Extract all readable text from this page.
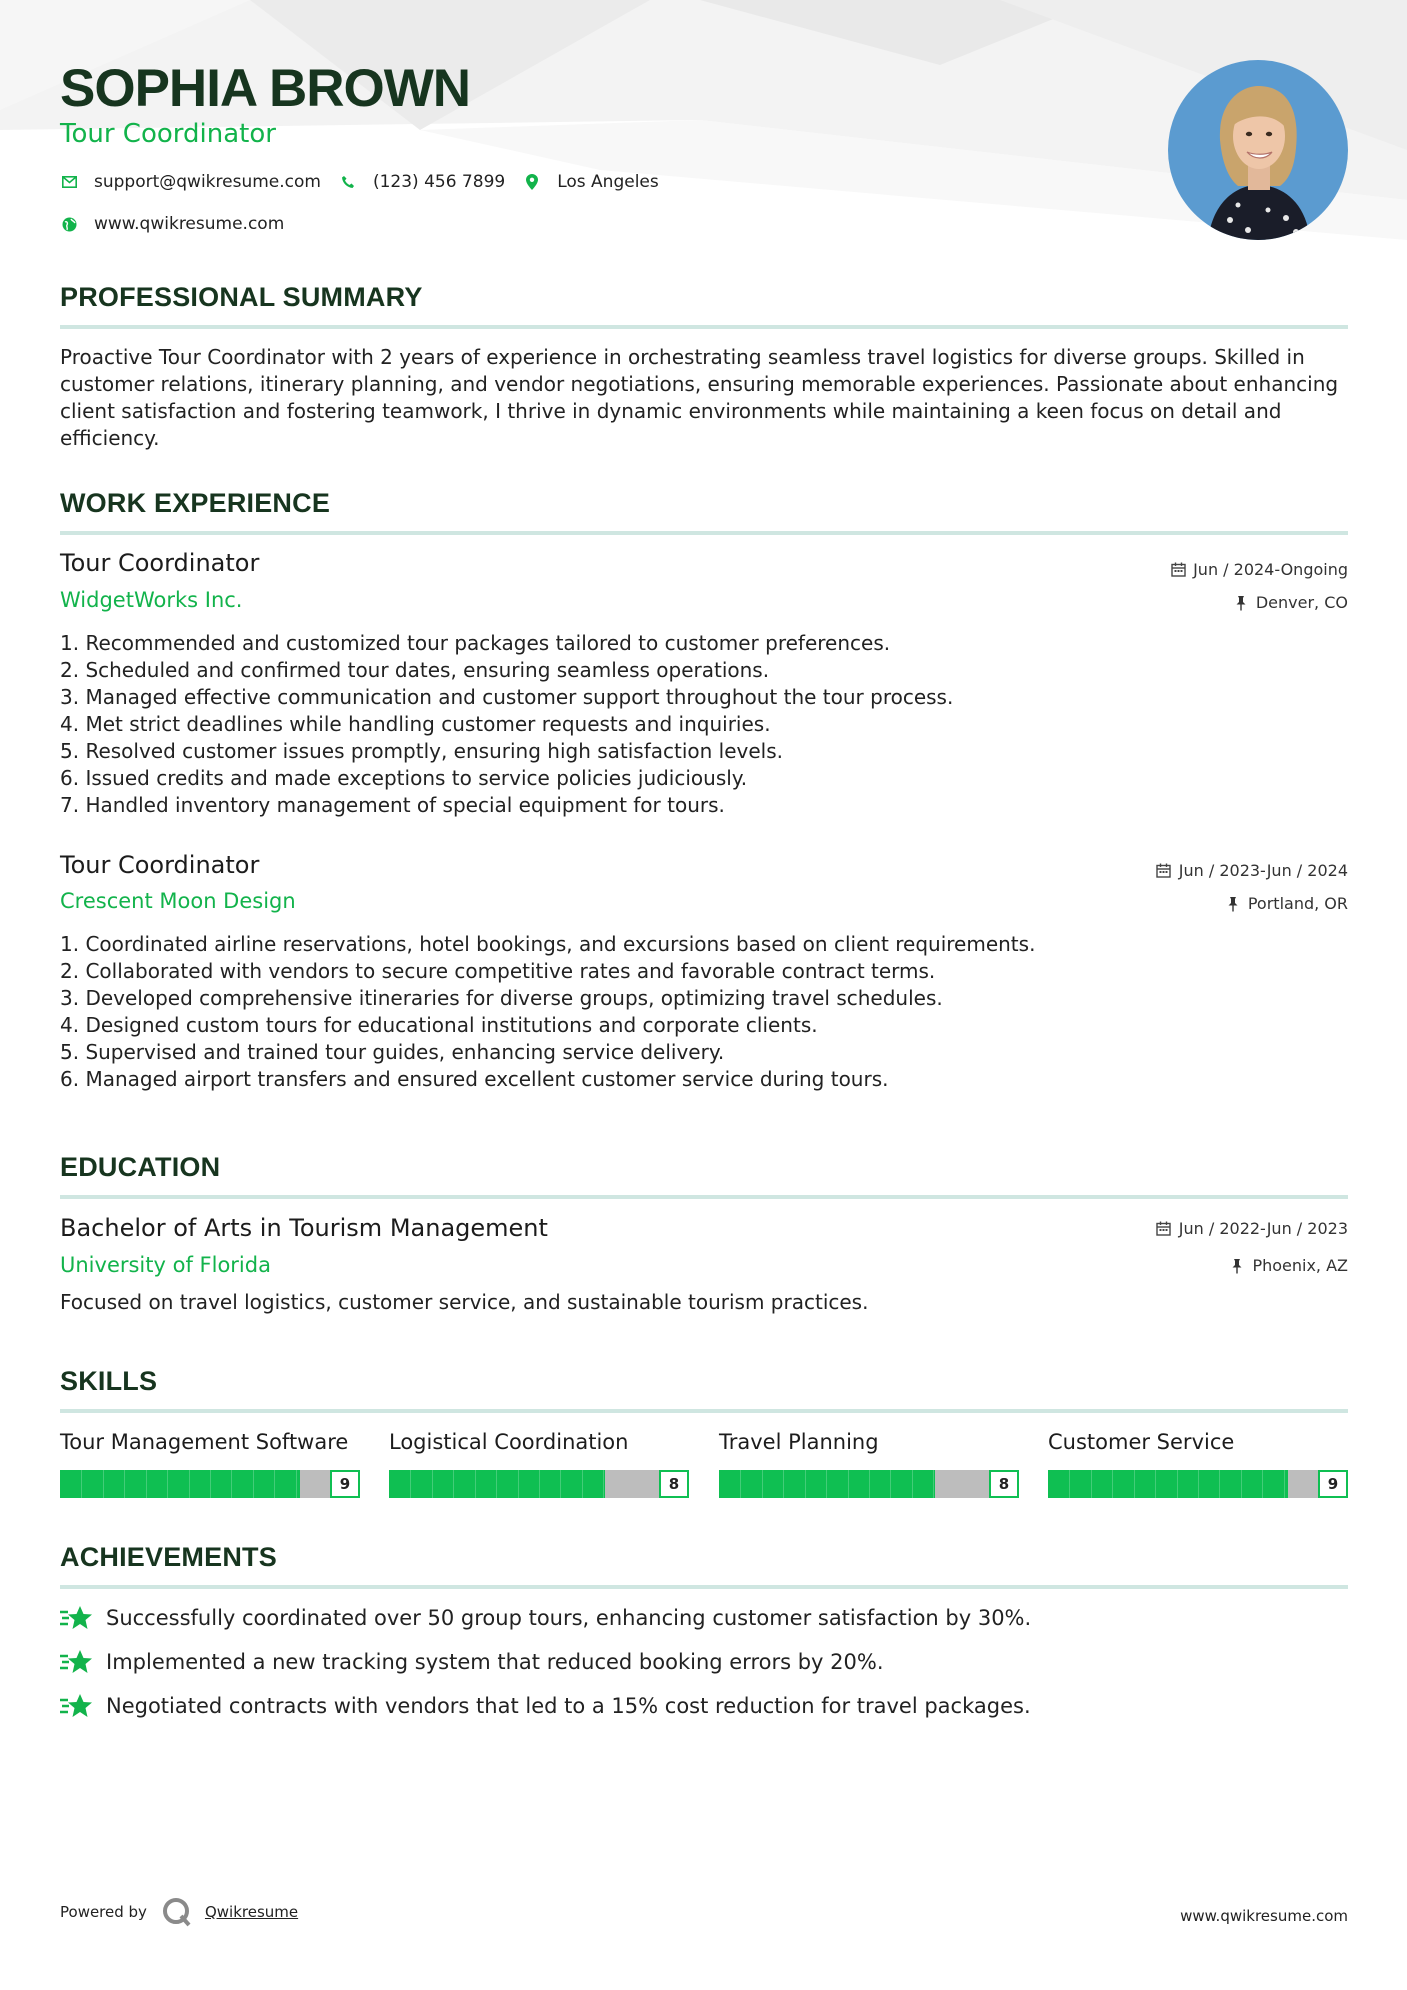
SOPHIA BROWN
Tour Coordinator
support@qwikresume.com	(123) 456 7899	Los Angeles
www.qwikresume.com
PROFESSIONAL SUMMARY

Proactive Tour Coordinator with 2 years of experience in orchestrating seamless travel logistics for diverse groups. Skilled in customer relations, itinerary planning, and vendor negotiations, ensuring memorable experiences. Passionate about enhancing client satisfaction and fostering teamwork, I thrive in dynamic environments while maintaining a keen focus on detail and efficiency.

WORK EXPERIENCE
Tour Coordinator	Jun / 2024-Ongoing
WidgetWorks Inc.	Denver, CO
1. Recommended and customized tour packages tailored to customer preferences.
2. Scheduled and confirmed tour dates, ensuring seamless operations.
3. Managed effective communication and customer support throughout the tour process.
4. Met strict deadlines while handling customer requests and inquiries.
5. Resolved customer issues promptly, ensuring high satisfaction levels.
6. Issued credits and made exceptions to service policies judiciously.
7. Handled inventory management of special equipment for tours.
Tour Coordinator	Jun / 2023-Jun / 2024
Crescent Moon Design	Portland, OR
1. Coordinated airline reservations, hotel bookings, and excursions based on client requirements.
2. Collaborated with vendors to secure competitive rates and favorable contract terms.
3. Developed comprehensive itineraries for diverse groups, optimizing travel schedules.
4. Designed custom tours for educational institutions and corporate clients.
5. Supervised and trained tour guides, enhancing service delivery.
6. Managed airport transfers and ensured excellent customer service during tours.
EDUCATION
Bachelor of Arts in Tourism Management	Jun / 2022-Jun / 2023
University of Florida	Phoenix, AZ

Focused on travel logistics, customer service, and sustainable tourism practices.

SKILLS
Tour Management Software
9
Logistical Coordination
8
Travel Planning
8
Customer Service
9
ACHIEVEMENTS
Successfully coordinated over 50 group tours, enhancing customer satisfaction by 30%.
Implemented a new tracking system that reduced booking errors by 20%.
Negotiated contracts with vendors that led to a 15% cost reduction for travel packages.
Powered by	Qwikresume	www.qwikresume.com
